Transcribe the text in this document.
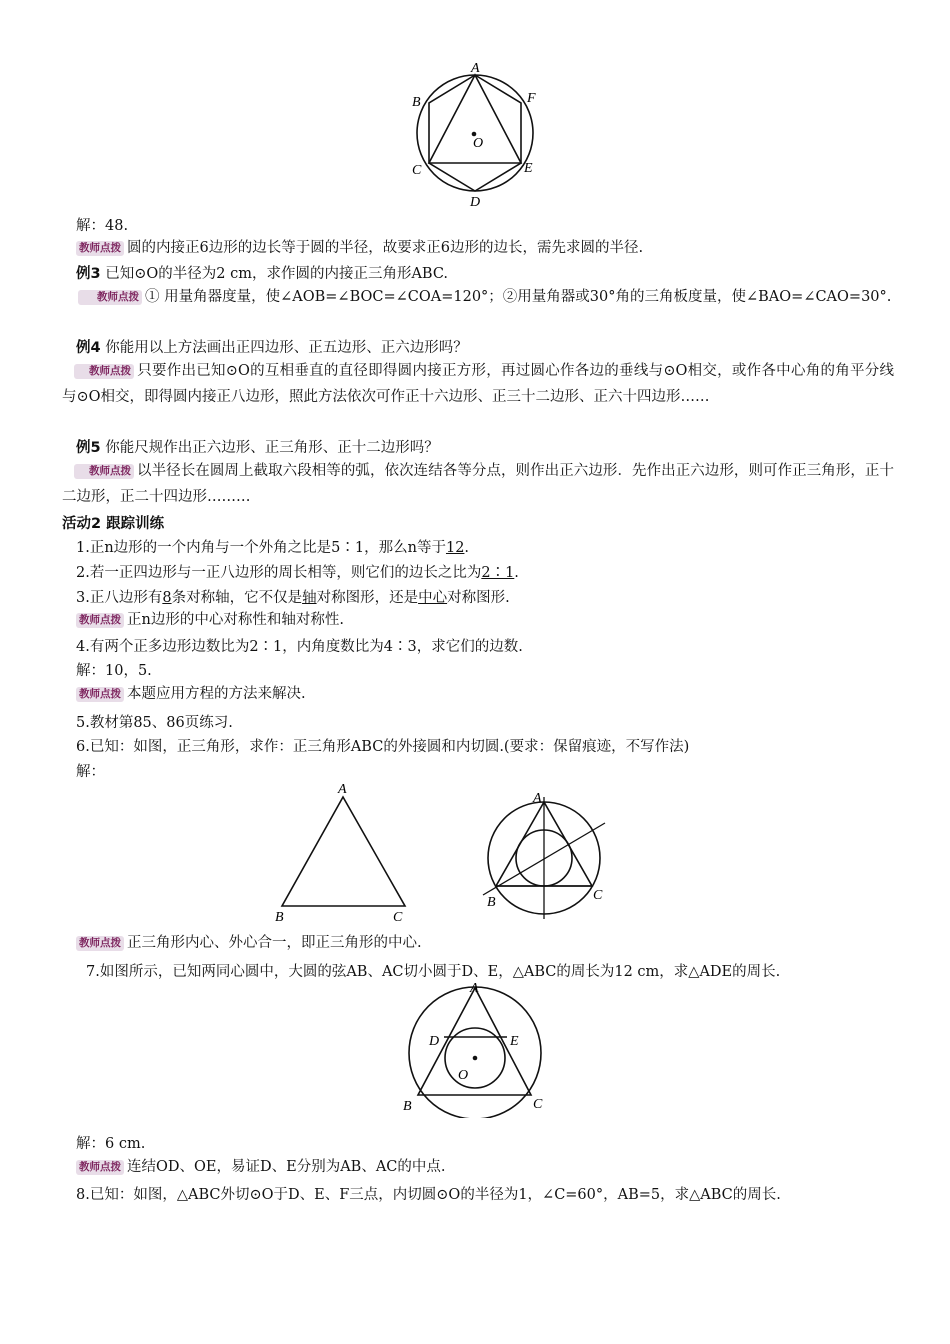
A
B	F
C	E
D
O
解：48.
教师点拨 圆的内接正6边形的边长等于圆的半径，故要求正6边形的边长，需先求圆的半径.
例3 已知⊙O的半径为2 cm，求作圆的内接正三角形ABC.
教师点拨 ① 用量角器度量，使∠AOB=∠BOC=∠COA=120°；②用量角器或30°角的三角板度量，使∠BAO=∠CAO=30°.
例4 你能用以上方法画出正四边形、正五边形、正六边形吗？
教师点拨 只要作出已知⊙O的互相垂直的直径即得圆内接正方形，再过圆心作各边的垂线与⊙O相交，或作各中心角的角平分线与⊙O相交，即得圆内接正八边形，照此方法依次可作正十六边形、正三十二边形、正六十四边形……
例5 你能尺规作出正六边形、正三角形、正十二边形吗？
教师点拨 以半径长在圆周上截取六段相等的弧，依次连结各等分点，则作出正六边形．先作出正六边形，则可作正三角形，正十二边形，正二十四边形………
活动2 跟踪训练
1.正n边形的一个内角与一个外角之比是5∶1，那么n等于12.
2.若一正四边形与一正八边形的周长相等，则它们的边长之比为2∶1.
3.正八边形有8条对称轴，它不仅是轴对称图形，还是中心对称图形.
教师点拨 正n边形的中心对称性和轴对称性.
4.有两个正多边形边数比为2∶1，内角度数比为4∶3，求它们的边数.
解：10，5.
教师点拨 本题应用方程的方法来解决.
5.教材第85、86页练习.
6.已知：如图，正三角形，求作：正三角形ABC的外接圆和内切圆.(要求：保留痕迹，不写作法)
解：
A
B	C
A
B	C
教师点拨 正三角形内心、外心合一，即正三角形的中心.
7.如图所示，已知两同心圆中，大圆的弦AB、AC切小圆于D、E，△ABC的周长为12 cm，求△ADE的周长.
A
D	E
O
B	C
解：6 cm.
教师点拨 连结OD、OE，易证D、E分别为AB、AC的中点.
8.已知：如图，△ABC外切⊙O于D、E、F三点，内切圆⊙O的半径为1，∠C=60°，AB=5，求△ABC的周长.
